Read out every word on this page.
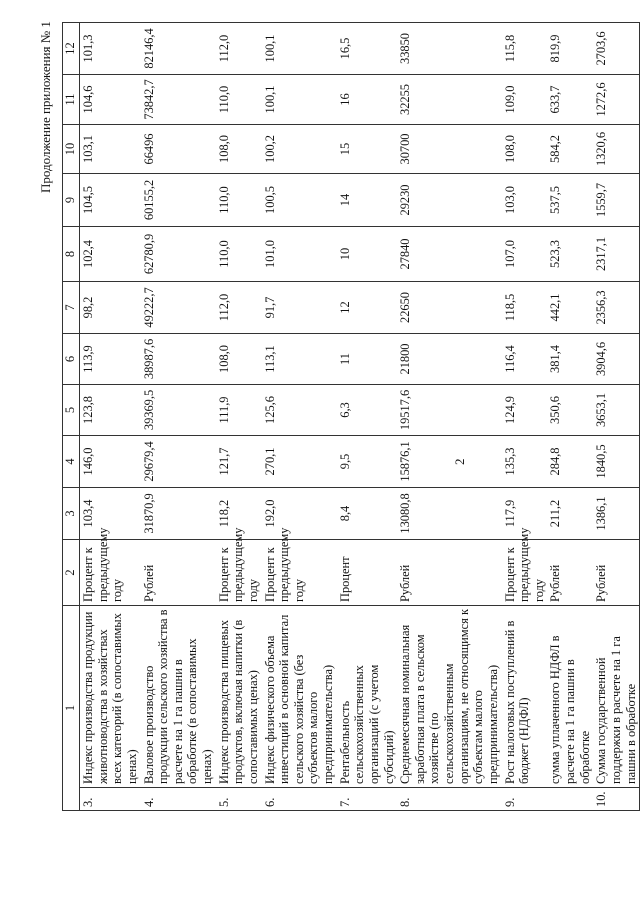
2
Продолжение приложения № 1
1		2	3	4	5	6	7	8	9	10	11	12
3.	Индекс производства продукции животноводства в хозяйствах всех категорий (в сопоставимых ценах)	Процент к предыдущему году	103,4	146,0	123,8	113,9	98,2	102,4	104,5	103,1	104,6	101,3
4.	Валовое производство продукции сельского хозяйства в расчете на 1 га пашни в обработке (в сопоставимых ценах)	Рублей	31870,9	29679,4	39369,5	38987,6	49222,7	62780,9	60155,2	66496	73842,7	82146,4
5.	Индекс производства пищевых продуктов, включая напитки (в сопоставимых ценах)	Процент к предыдущему году	118,2	121,7	111,9	108,0	112,0	110,0	110,0	108,0	110,0	112,0
6.	Индекс физического объема инвестиций в основной капитал сельского хозяйства (без субъектов малого предпринимательства)	Процент к предыдущему году	192,0	270,1	125,6	113,1	91,7	101,0	100,5	100,2	100,1	100,1
7.	Рентабельность сельскохозяйственных организаций (с учетом субсидий)	Процент	8,4	9,5	6,3	11	12	10	14	15	16	16,5
8.	Среднемесячная номинальная заработная плата в сельском хозяйстве (по сельскохозяйственным организациям, не относящимся к субъектам малого предпринимательства)	Рублей	13080,8	15876,1	19517,6	21800	22650	27840	29230	30700	32255	33850
9.	Рост налоговых поступлений в бюджет (НДФЛ)	Процент к предыдущему году	117,9	135,3	124,9	116,4	118,5	107,0	103,0	108,0	109,0	115,8
	сумма уплаченного НДФЛ в расчете на 1 га пашни в обработке	Рублей	211,2	284,8	350,6	381,4	442,1	523,3	537,5	584,2	633,7	819,9
10.	Сумма государственной поддержки в расчете на 1 га пашни в обработке	Рублей	1386,1	1840,5	3653,1	3904,6	2356,3	2317,1	1559,7	1320,6	1272,6	2703,6
